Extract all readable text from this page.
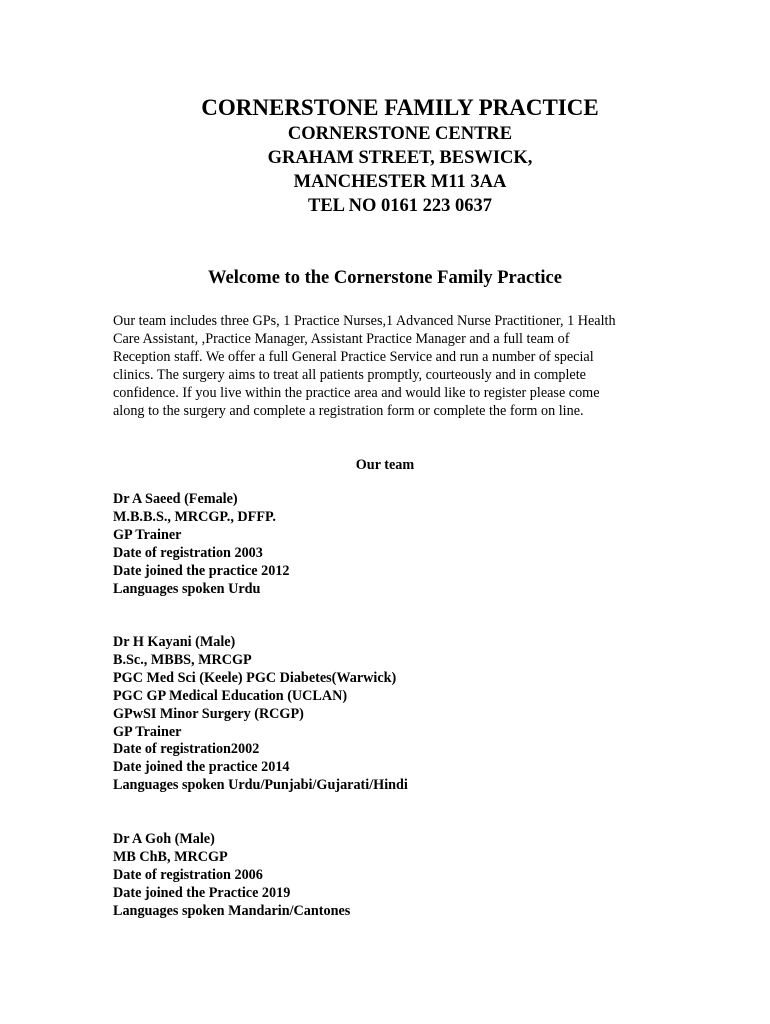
CORNERSTONE FAMILY PRACTICE
CORNERSTONE CENTRE
GRAHAM STREET, BESWICK,
MANCHESTER M11 3AA
TEL NO 0161 223 0637
Welcome to the Cornerstone Family Practice

Our team includes three GPs, 1 Practice Nurses,1 Advanced Nurse Practitioner, 1 Health
Care Assistant, ,Practice Manager, Assistant Practice Manager and a full team of
Reception staff. We offer a full General Practice Service and run a number of special
clinics. The surgery aims to treat all patients promptly, courteously and in complete
confidence. If you live within the practice area and would like to register please come
along to the surgery and complete a registration form or complete the form on line.

Our team
Dr A Saeed (Female)
M.B.B.S., MRCGP., DFFP.
GP Trainer
Date of registration 2003
Date joined the practice 2012
Languages spoken Urdu
Dr H Kayani (Male)
B.Sc., MBBS, MRCGP
PGC Med Sci (Keele) PGC Diabetes(Warwick)
PGC GP Medical Education (UCLAN)
GPwSI Minor Surgery (RCGP)
GP Trainer
Date of registration2002
Date joined the practice 2014
Languages spoken Urdu/Punjabi/Gujarati/Hindi
Dr A Goh (Male)
MB ChB, MRCGP
Date of registration 2006
Date joined the Practice 2019
Languages spoken Mandarin/Cantones
